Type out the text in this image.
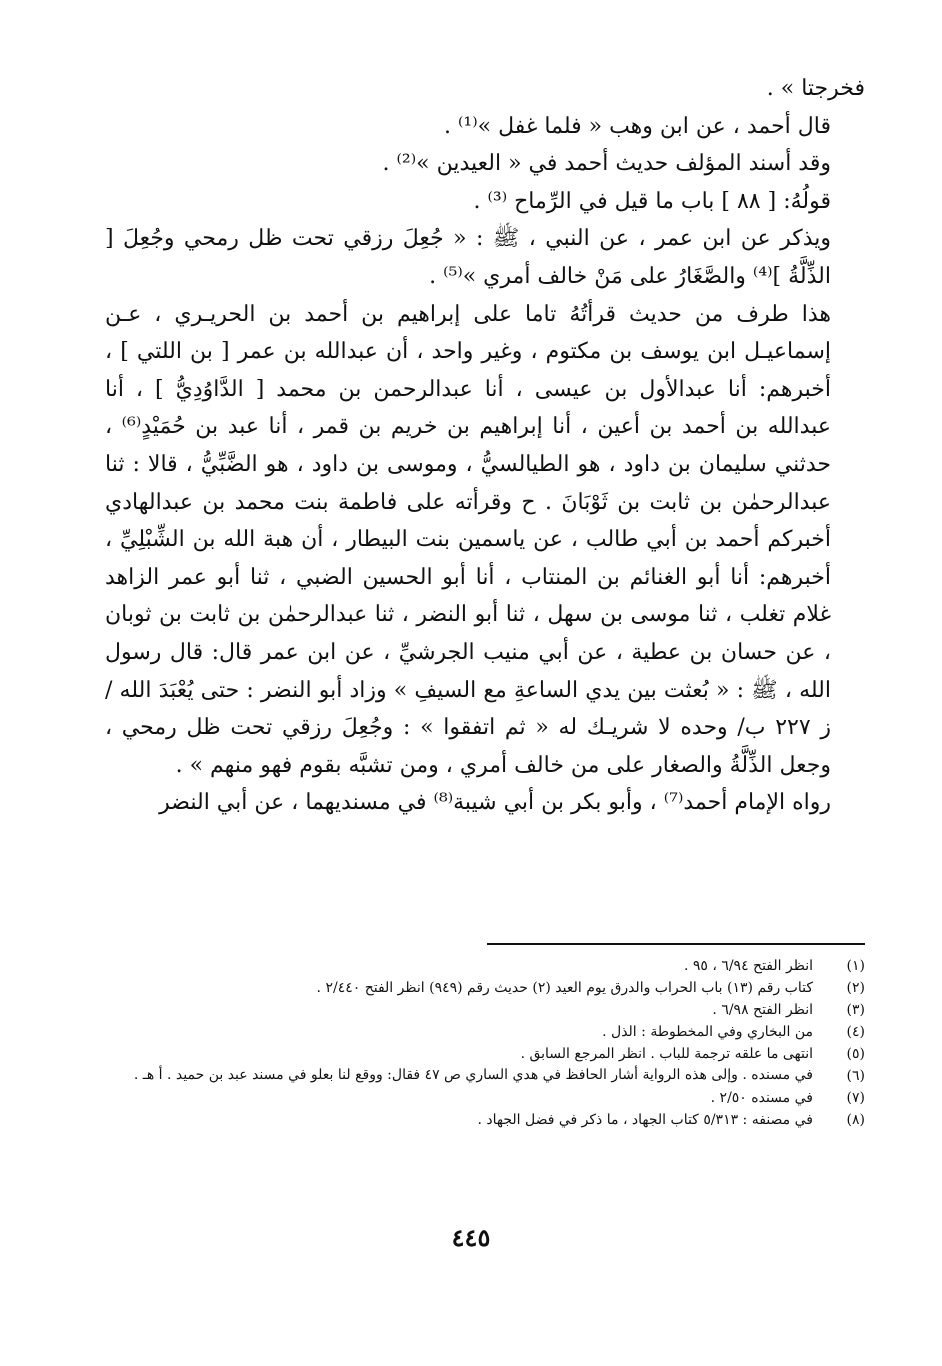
فخرجتا » .

قال أحمد ، عن ابن وهب « فلما غفل »⁽¹⁾ .

وقد أسند المؤلف حديث أحمد في « العيدين »⁽²⁾ .

قولُهُ: [ ٨٨ ] باب ما قيل في الرِّماح ⁽³⁾ .

ويذكر عن ابن عمر ، عن النبي ، ﷺ : « جُعِلَ رزقي تحت ظل رمحي وجُعِلَ [ الذِّلَّةُ ]⁽⁴⁾ والصَّغَارُ على مَنْ خالف أمري »⁽⁵⁾ .

هذا طرف من حديث قرأتُهُ تاما على إبراهيم بن أحمد بن الحريـري ، عـن إسماعيـل ابن يوسف بن مكتوم ، وغير واحد ، أن عبدالله بن عمر [ بن اللتي ] ، أخبرهم: أنا عبدالأول بن عيسى ، أنا عبدالرحمن بن محمد [ الدَّاوُدِيُّ ] ، أنا عبدالله بن أحمد بن أعين ، أنا إبراهيم بن خريم بن قمر ، أنا عبد بن حُمَيْدٍ⁽⁶⁾ ، حدثني سليمان بن داود ، هو الطيالسيُّ ، وموسى بن داود ، هو الضَّبِّيُّ ، قالا : ثنا عبدالرحمٰن بن ثابت بن ثَوْبَانَ . ح وقرأته على فاطمة بنت محمد بن عبدالهادي أخبركم أحمد بن أبي طالب ، عن ياسمين بنت البيطار ، أن هبة الله بن الشِّبْلِيِّ ، أخبرهم: أنا أبو الغنائم بن المنتاب ، أنا أبو الحسين الضبي ، ثنا أبو عمر الزاهد غلام تغلب ، ثنا موسى بن سهل ، ثنا أبو النضر ، ثنا عبدالرحمٰن بن ثابت بن ثوبان ، عن حسان بن عطية ، عن أبي منيب الجرشيِّ ، عن ابن عمر قال: قال رسول الله ، ﷺ : « بُعثت بين يدي الساعةِ مع السيفِ » وزاد أبو النضر : حتى يُعْبَدَ الله /ز ٢٢٧ ب/ وحده لا شريـك له « ثم اتفقوا » : وجُعِلَ رزقي تحت ظل رمحي ، وجعل الذِّلَّةُ والصغار على من خالف أمري ، ومن تشبَّه بقوم فهو منهم » .

رواه الإمام أحمد⁽⁷⁾ ، وأبو بكر بن أبي شيبة⁽⁸⁾ في مسنديهما ، عن أبي النضر

(١)
انظر الفتح ٦/٩٤ ، ٩٥ .
(٢)
كتاب رقم (١٣) باب الحراب والدرق يوم العيد (٢) حديث رقم (٩٤٩) انظر الفتح ٢/٤٤٠ .
(٣)
انظر الفتح ٦/٩٨ .
(٤)
من البخاري وفي المخطوطة : الذل .
(٥)
انتهى ما علقه ترجمة للباب . انظر المرجع السابق .
(٦)
في مسنده . وإلى هذه الرواية أشار الحافظ في هدي الساري ص ٤٧ فقال: ووقع لنا بعلو في مسند عبد بن حميد . أ هـ .
(٧)
في مسنده ٢/٥٠ .
(٨)
في مصنفه : ٥/٣١٣ كتاب الجهاد ، ما ذكر في فضل الجهاد .
٤٤٥
